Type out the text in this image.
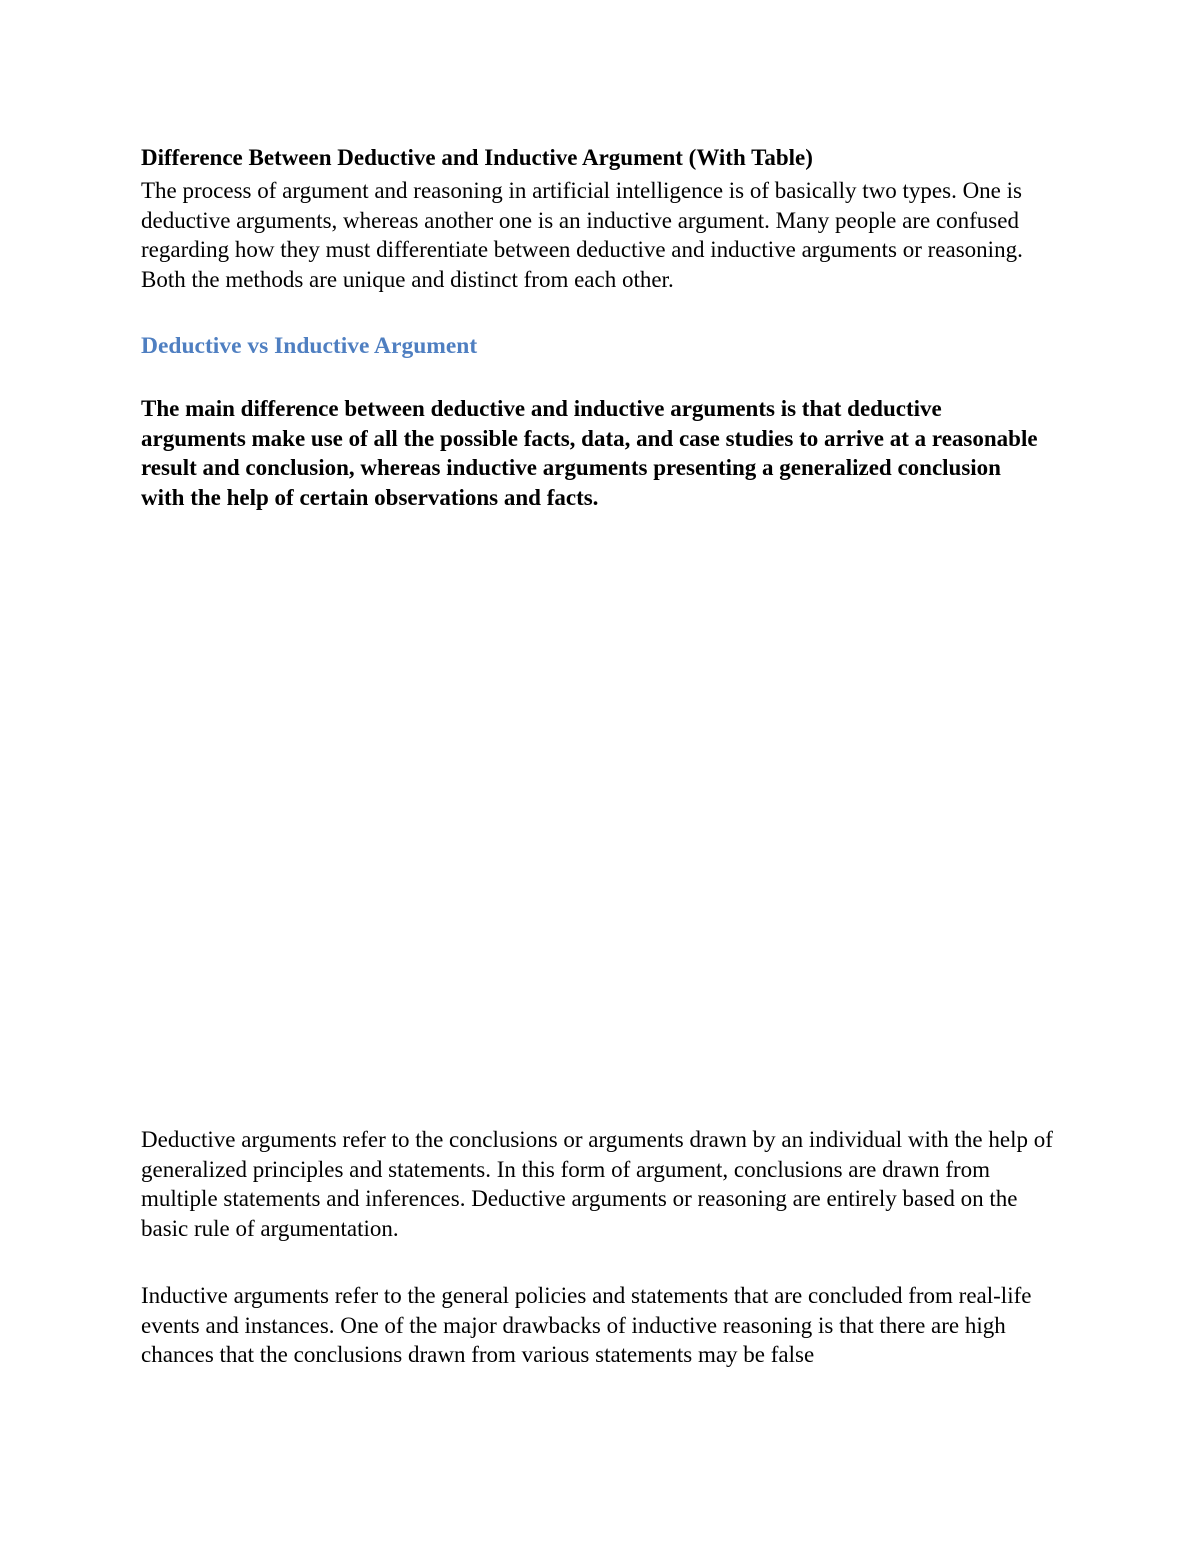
Difference Between Deductive and Inductive Argument (With Table)

The process of argument and reasoning in artificial intelligence is of basically two types. One is deductive arguments, whereas another one is an inductive argument. Many people are confused regarding how they must differentiate between deductive and inductive arguments or reasoning. Both the methods are unique and distinct from each other.

Deductive vs Inductive Argument

The main difference between deductive and inductive arguments is that deductive arguments make use of all the possible facts, data, and case studies to arrive at a reasonable result and conclusion, whereas inductive arguments presenting a generalized conclusion with the help of certain observations and facts.

Deductive arguments refer to the conclusions or arguments drawn by an individual with the help of generalized principles and statements. In this form of argument, conclusions are drawn from multiple statements and inferences. Deductive arguments or reasoning are entirely based on the basic rule of argumentation.

Inductive arguments refer to the general policies and statements that are concluded from real-life events and instances. One of the major drawbacks of inductive reasoning is that there are high chances that the conclusions drawn from various statements may be false
